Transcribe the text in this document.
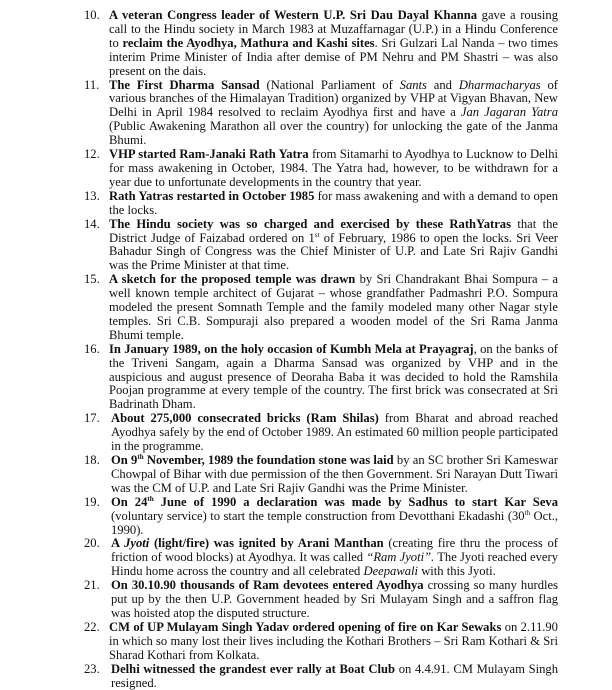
10. A veteran Congress leader of Western U.P. Sri Dau Dayal Khanna gave a rousing call to the Hindu society in March 1983 at Muzaffarnagar (U.P.) in a Hindu Conference to reclaim the Ayodhya, Mathura and Kashi sites. Sri Gulzari Lal Nanda – two times interim Prime Minister of India after demise of PM Nehru and PM Shastri – was also present on the dais.
11. The First Dharma Sansad (National Parliament of Sants and Dharmacharyas of various branches of the Himalayan Tradition) organized by VHP at Vigyan Bhavan, New Delhi in April 1984 resolved to reclaim Ayodhya first and have a Jan Jagaran Yatra (Public Awakening Marathon all over the country) for unlocking the gate of the Janma Bhumi.
12. VHP started Ram-Janaki Rath Yatra from Sitamarhi to Ayodhya to Lucknow to Delhi for mass awakening in October, 1984. The Yatra had, however, to be withdrawn for a year due to unfortunate developments in the country that year.
13. Rath Yatras restarted in October 1985 for mass awakening and with a demand to open the locks.
14. The Hindu society was so charged and exercised by these RathYatras that the District Judge of Faizabad ordered on 1st of February, 1986 to open the locks. Sri Veer Bahadur Singh of Congress was the Chief Minister of U.P. and Late Sri Rajiv Gandhi was the Prime Minister at that time.
15. A sketch for the proposed temple was drawn by Sri Chandrakant Bhai Sompura – a well known temple architect of Gujarat – whose grandfather Padmashri P.O. Sompura modeled the present Somnath Temple and the family modeled many other Nagar style temples. Sri C.B. Sompuraji also prepared a wooden model of the Sri Rama Janma Bhumi temple.
16. In January 1989, on the holy occasion of Kumbh Mela at Prayagraj, on the banks of the Triveni Sangam, again a Dharma Sansad was organized by VHP and in the auspicious and august presence of Deoraha Baba it was decided to hold the Ramshila Poojan programme at every temple of the country. The first brick was consecrated at Sri Badrinath Dham.
17. About 275,000 consecrated bricks (Ram Shilas) from Bharat and abroad reached Ayodhya safely by the end of October 1989. An estimated 60 million people participated in the programme.
18. On 9th November, 1989 the foundation stone was laid by an SC brother Sri Kameswar Chowpal of Bihar with due permission of the then Government. Sri Narayan Dutt Tiwari was the CM of U.P. and Late Sri Rajiv Gandhi was the Prime Minister.
19. On 24th June of 1990 a declaration was made by Sadhus to start Kar Seva (voluntary service) to start the temple construction from Devotthani Ekadashi (30th Oct., 1990).
20. A Jyoti (light/fire) was ignited by Arani Manthan (creating fire thru the process of friction of wood blocks) at Ayodhya. It was called “Ram Jyoti”. The Jyoti reached every Hindu home across the country and all celebrated Deepawali with this Jyoti.
21. On 30.10.90 thousands of Ram devotees entered Ayodhya crossing so many hurdles put up by the then U.P. Government headed by Sri Mulayam Singh and a saffron flag was hoisted atop the disputed structure.
22. CM of UP Mulayam Singh Yadav ordered opening of fire on Kar Sewaks on 2.11.90 in which so many lost their lives including the Kothari Brothers – Sri Ram Kothari & Sri Sharad Kothari from Kolkata.
23. Delhi witnessed the grandest ever rally at Boat Club on 4.4.91. CM Mulayam Singh resigned.
